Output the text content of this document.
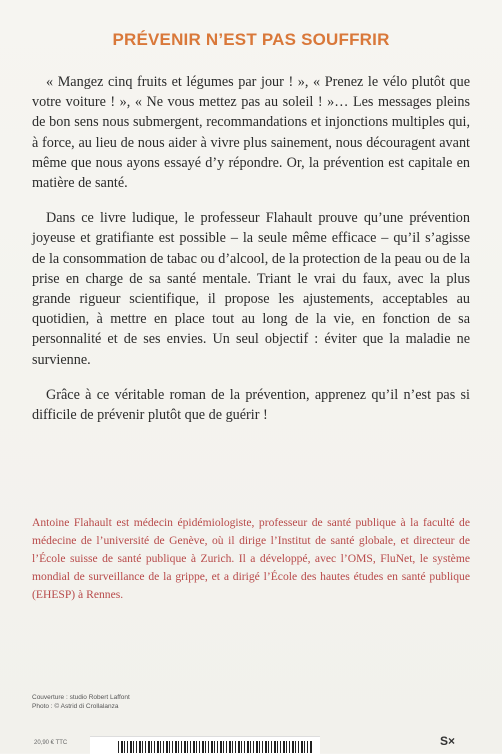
PRÉVENIR N’EST PAS SOUFFRIR

« Mangez cinq fruits et légumes par jour ! », « Prenez le vélo plutôt que votre voiture ! », « Ne vous mettez pas au soleil ! »… Les messages pleins de bon sens nous submergent, recommandations et injonctions multiples qui, à force, au lieu de nous aider à vivre plus sainement, nous découragent avant même que nous ayons essayé d’y répondre. Or, la prévention est capitale en matière de santé.

Dans ce livre ludique, le professeur Flahault prouve qu’une prévention joyeuse et gratifiante est possible – la seule même efficace – qu’il s’agisse de la consommation de tabac ou d’alcool, de la protection de la peau ou de la prise en charge de sa santé mentale. Triant le vrai du faux, avec la plus grande rigueur scientifique, il propose les ajustements, acceptables au quotidien, à mettre en place tout au long de la vie, en fonction de sa personnalité et de ses envies. Un seul objectif : éviter que la maladie ne survienne.

Grâce à ce véritable roman de la prévention, apprenez qu’il n’est pas si difficile de prévenir plutôt que de guérir !

Antoine Flahault est médecin épidémiologiste, professeur de santé publique à la faculté de médecine de l’université de Genève, où il dirige l’Institut de santé globale, et directeur de l’École suisse de santé publique à Zurich. Il a développé, avec l’OMS, FluNet, le système mondial de surveillance de la grippe, et a dirigé l’École des hautes études en santé publique (EHESP) à Rennes.

Couverture : studio Robert Laffont
Photo : © Astrid di Crollalanza
20,90 € TTC	S×
